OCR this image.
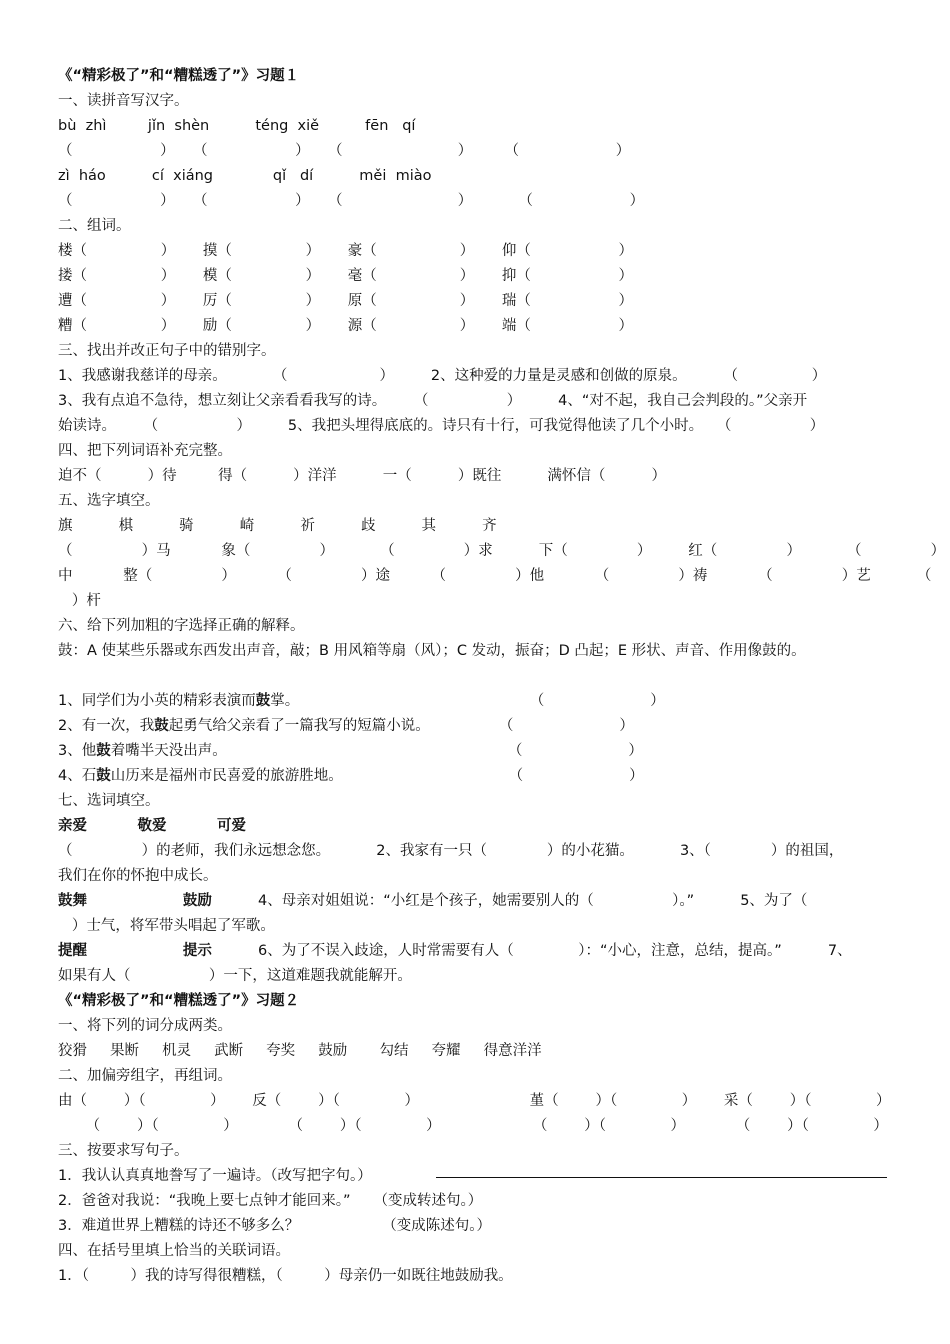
《“精彩极了”和“糟糕透了”》习题１
一、读拼音写汉字。
bù  zhì         jǐn  shèn          téng  xiě          fēn   qí
（                   ）    （                   ）    （                         ）       （                     ）
zì  háo          cí  xiáng             qǐ   dí          měi  miào
（                   ）    （                   ）    （                         ）          （                     ）
二、组词。
楼（                ）      摸（                ）      豪（                  ）      仰（                   ）
搂（                ）      模（                ）      毫（                  ）      抑（                   ）
遭（                ）      厉（                ）      原（                  ）      瑞（                   ）
糟（                ）      励（                ）      源（                  ）      端（                   ）
三、找出并改正句子中的错别字。
1、我感谢我慈详的母亲。          （                    ）        2、这种爱的力量是灵感和创做的原泉。        （                ）
3、我有点追不急待，想立刻让父亲看看我写的诗。      （                 ）        4、“对不起，我自己会判段的。”父亲开
始读诗。      （                 ）        5、我把头埋得底底的。诗只有十行，可我觉得他读了几个小时。   （                 ）
四、把下列词语补充完整。
迫不（          ）待         得（          ）洋洋          一（          ）既往          满怀信（          ）
五、选字填空。
旗          棋          骑          崎          祈          歧          其          齐
（               ）马           象（               ）          （               ）求          下（               ）        红（               ）          （               ）
中           整（               ）         （               ）途         （               ）他           （               ）祷           （               ）艺          （
）杆
六、给下列加粗的字选择正确的解释。
鼓：A 使某些乐器或东西发出声音，敲；B 用风箱等扇（风）；C 发动，振奋；D 凸起；E 形状、声音、作用像鼓的。
1、同学们为小英的精彩表演而鼓掌。                                                  （                       ）
2、有一次，我鼓起勇气给父亲看了一篇我写的短篇小说。               （                       ）
3、他鼓着嘴半天没出声。                                                             （                       ）
4、石鼓山历来是福州市民喜爱的旅游胜地。                                    （                       ）
七、选词填空。
亲爱          敬爱          可爱
（               ）的老师，我们永远想念您。          2、我家有一只（             ）的小花猫。          3、（             ）的祖国，
我们在你的怀抱中成长。
鼓舞                   鼓励          4、母亲对姐姐说：“小红是个孩子，她需要别人的（                 ）。”          5、为了（
）士气，将军带头唱起了军歌。
提醒                   提示          6、为了不误入歧途，人时常需要有人（              ）：“小心，注意，总结，提高。”          7、
如果有人（                 ）一下，这道难题我就能解开。
《“精彩极了”和“糟糕透了”》习题２
一、将下列的词分成两类。
狡猾     果断     机灵     武断     夸奖     鼓励       勾结     夸耀     得意洋洋
二、加偏旁组字，再组词。
由（        ）（              ）      反（        ）（              ）                        堇（        ）（              ）      采（        ）（              ）
（        ）（              ）           （        ）（              ）                    （        ）（              ）           （        ）（              ）
三、按要求写句子。
1．我认认真真地誊写了一遍诗。（改写把字句。）
2．爸爸对我说：“我晚上要七点钟才能回来。”     （变成转述句。）
3．难道世界上糟糕的诗还不够多么？                  （变成陈述句。）
四、在括号里填上恰当的关联词语。
1．（         ）我的诗写得很糟糕，（         ）母亲仍一如既往地鼓励我。
